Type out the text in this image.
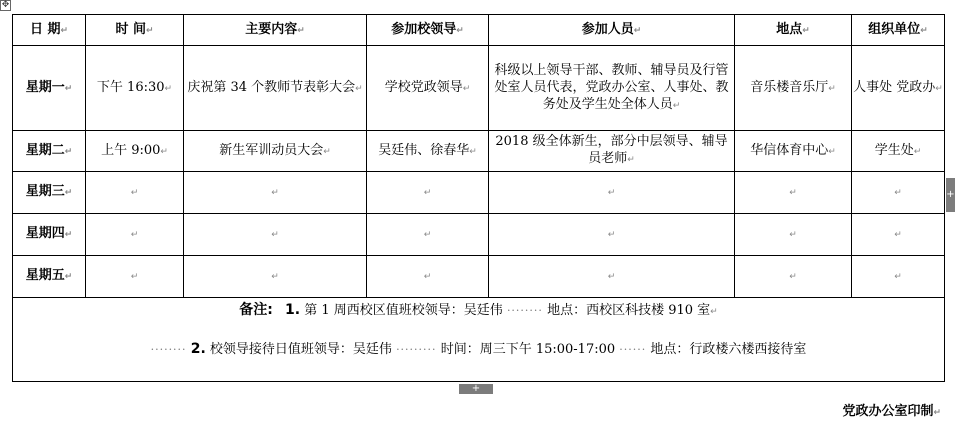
✥
日 期↵	时 间↵	主要内容↵	参加校领导↵	参加人员↵	地点↵	组织单位↵
星期一↵	下午 16:30↵	庆祝第 34 个教师节表彰大会↵	学校党政领导↵	科级以上领导干部、教师、辅导员及行管处室人员代表，党政办公室、人事处、教务处及学生处全体人员↵	音乐楼音乐厅↵	人事处 党政办↵
星期二↵	上午 9:00↵	新生军训动员大会↵	吴廷伟、徐春华↵	2018 级全体新生，部分中层领导、辅导员老师↵	华信体育中心↵	学生处↵
星期三↵	↵	↵	↵	↵	↵	↵
星期四↵	↵	↵	↵	↵	↵	↵
星期五↵	↵	↵	↵	↵	↵	↵

备注: 1. 第 1 周西校区值班校领导：吴廷伟 ········ 地点：西校区科技楼 910 室↵
········ 2. 校领导接待日值班领导：吴廷伟 ········· 时间：周三下午 15:00-17:00 ······ 地点：行政楼六楼西接待室						
+
+
党政办公室印制↵
